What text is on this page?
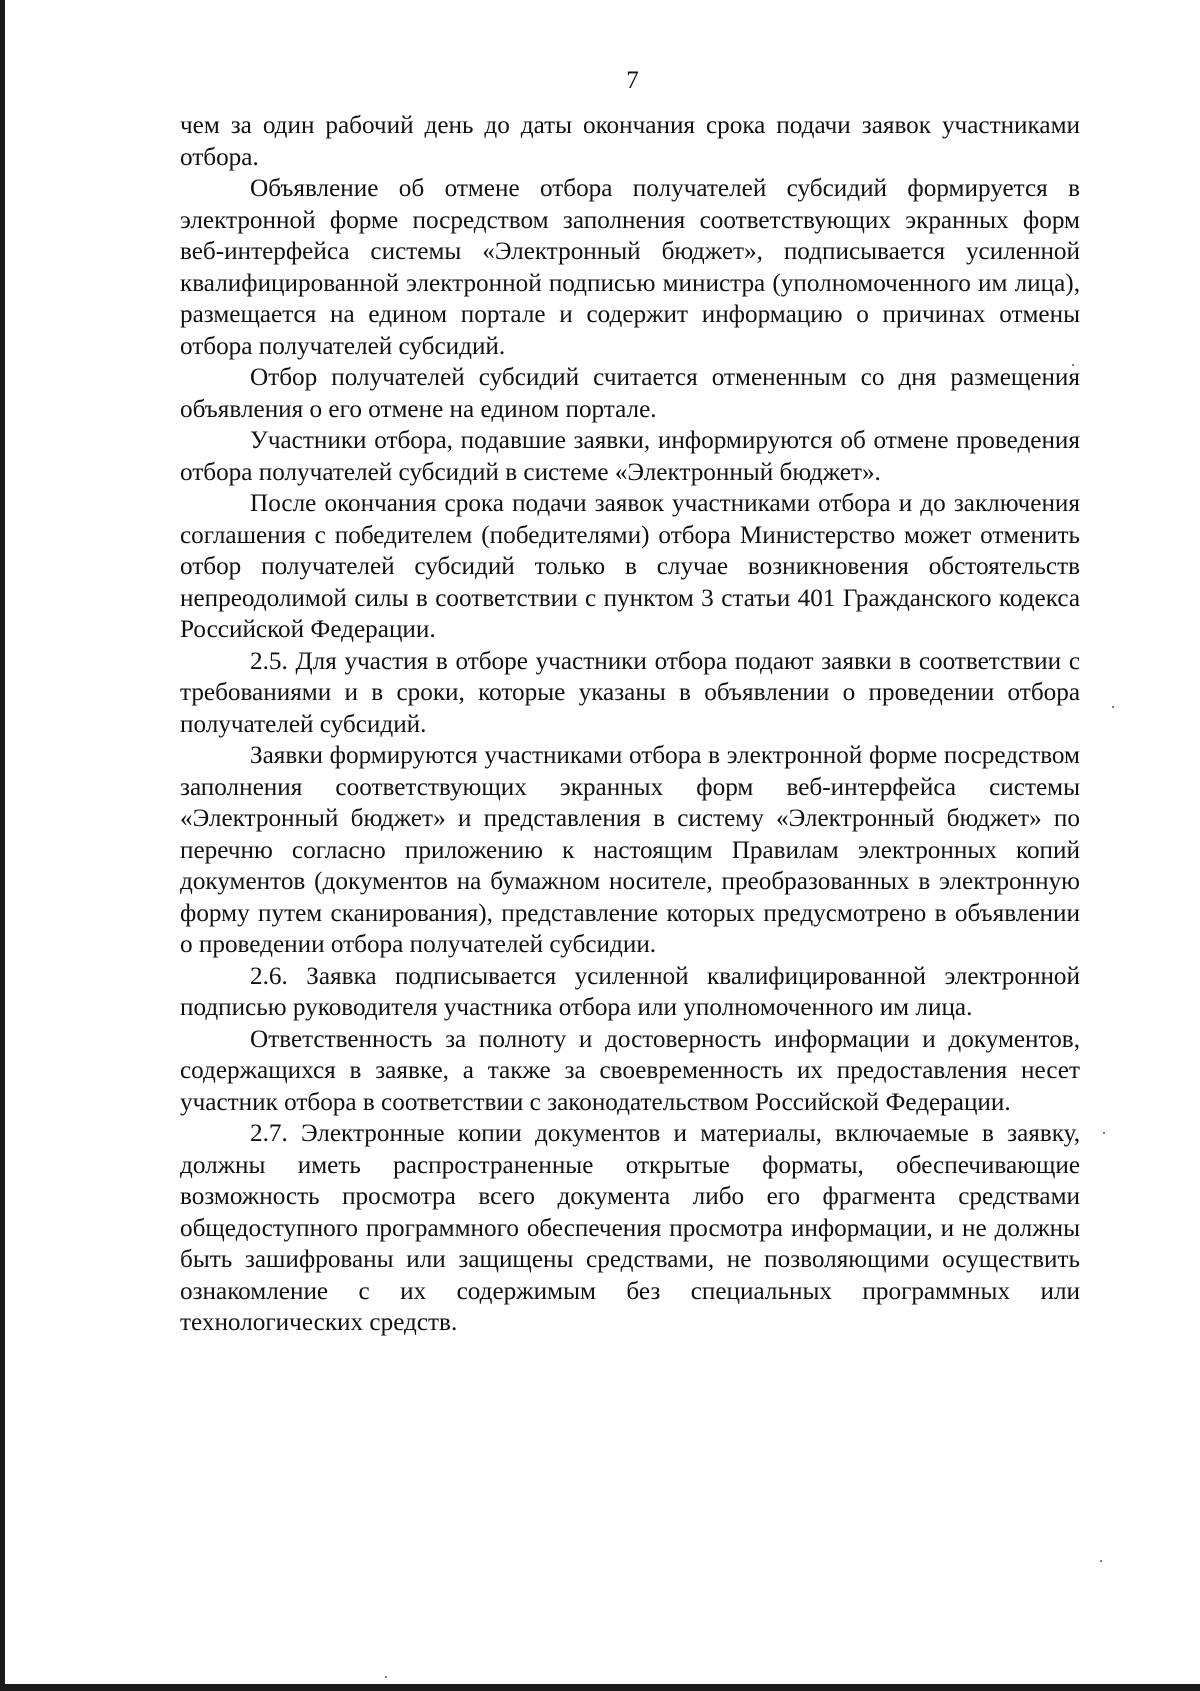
7

чем за один рабочий день до даты окончания срока подачи заявок участниками отбора.

Объявление об отмене отбора получателей субсидий формируется в электронной форме посредством заполнения соответствующих экранных форм веб-интерфейса системы «Электронный бюджет», подписывается усиленной квалифицированной электронной подписью министра (уполномоченного им лица), размещается на едином портале и содержит информацию о причинах отмены отбора получателей субсидий.

Отбор получателей субсидий считается отмененным со дня размещения объявления о его отмене на едином портале.

Участники отбора, подавшие заявки, информируются об отмене проведения отбора получателей субсидий в системе «Электронный бюджет».

После окончания срока подачи заявок участниками отбора и до заключения соглашения с победителем (победителями) отбора Министерство может отменить отбор получателей субсидий только в случае возникновения обстоятельств непреодолимой силы в соответствии с пунктом 3 статьи 401 Гражданского кодекса Российской Федерации.

2.5. Для участия в отборе участники отбора подают заявки в соответствии с требованиями и в сроки, которые указаны в объявлении о проведении отбора получателей субсидий.

Заявки формируются участниками отбора в электронной форме посредством заполнения соответствующих экранных форм веб-интерфейса системы «Электронный бюджет» и представления в систему «Электронный бюджет» по перечню согласно приложению к настоящим Правилам электронных копий документов (документов на бумажном носителе, преобразованных в электронную форму путем сканирования), представление которых предусмотрено в объявлении о проведении отбора получателей субсидии.

2.6. Заявка подписывается усиленной квалифицированной электронной подписью руководителя участника отбора или уполномоченного им лица.

Ответственность за полноту и достоверность информации и документов, содержащихся в заявке, а также за своевременность их предоставления несет участник отбора в соответствии с законодательством Российской Федерации.

2.7. Электронные копии документов и материалы, включаемые в заявку, должны иметь распространенные открытые форматы, обеспечивающие возможность просмотра всего документа либо его фрагмента средствами общедоступного программного обеспечения просмотра информации, и не должны быть зашифрованы или защищены средствами, не позволяющими осуществить ознакомление с их содержимым без специальных программных или технологических средств.
